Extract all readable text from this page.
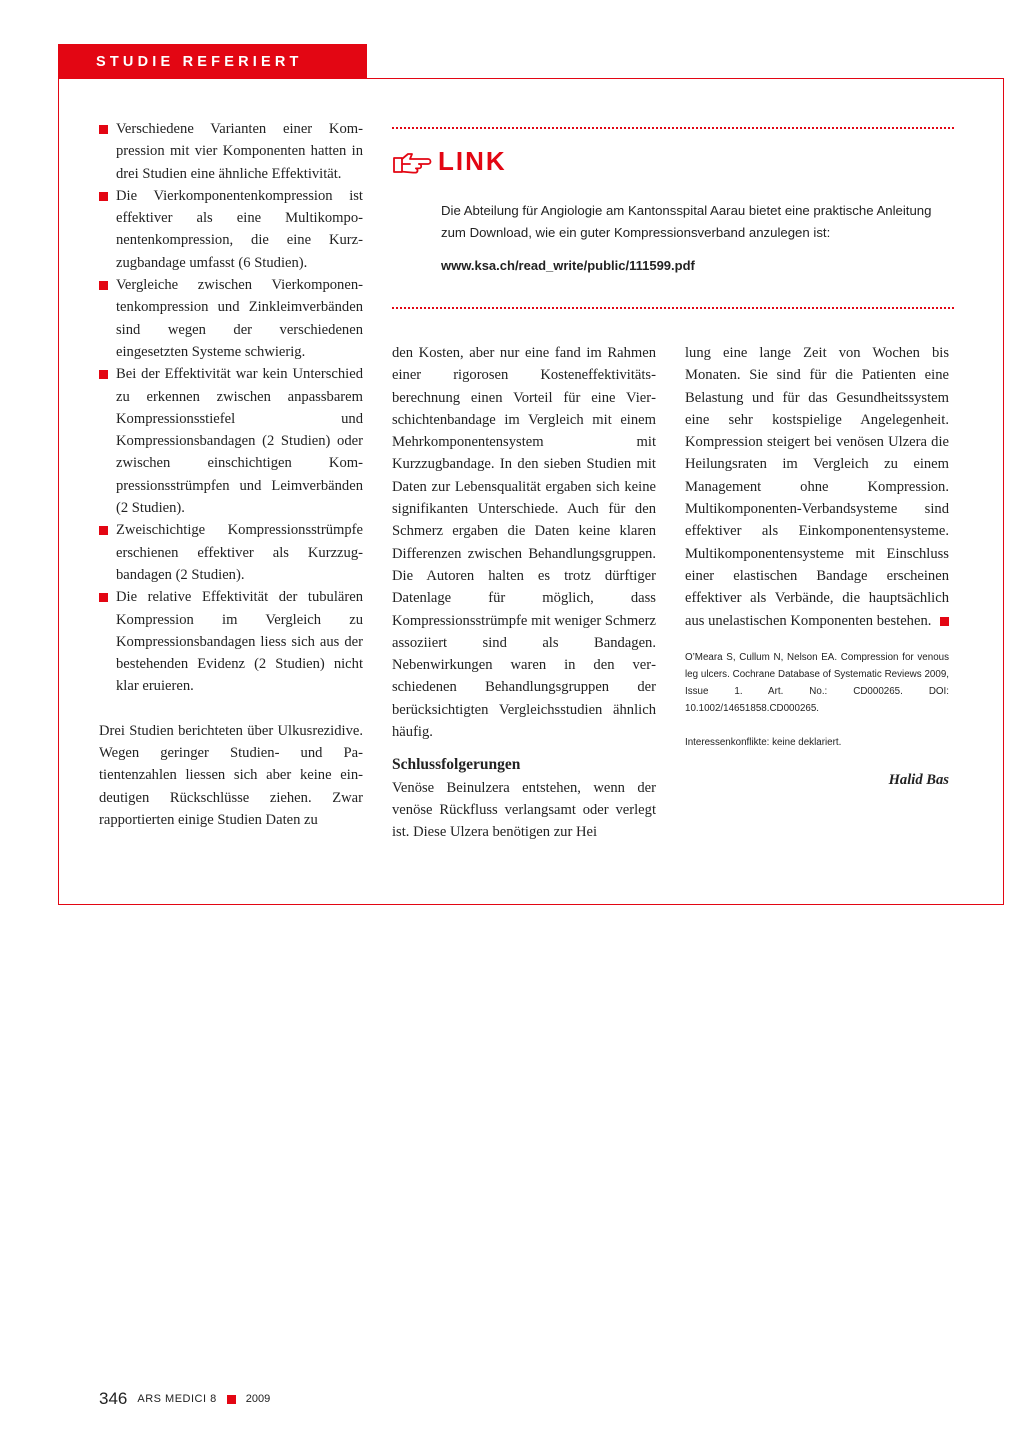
STUDIE REFERIERT
Verschiedene Varianten einer Kompression mit vier Komponenten hatten in drei Studien eine ähnliche Effektivität.
Die Vierkomponentenkompression ist effektiver als eine Multikomponentenkompression, die eine Kurzzugbandage umfasst (6 Studien).
Vergleiche zwischen Vierkomponentenkompression und Zinkleimverbänden sind wegen der verschiedenen eingesetzten Systeme schwierig.
Bei der Effektivität war kein Unterschied zu erkennen zwischen anpassbarem Kompressionsstiefel und Kompressionsbandagen (2 Studien) oder zwischen einschichtigen Kompressionsstrümpfen und Leimverbänden (2 Studien).
Zweischichtige Kompressionsstrümpfe erschienen effektiver als Kurzzugbandagen (2 Studien).
Die relative Effektivität der tubulären Kompression im Vergleich zu Kompressionsbandagen liess sich aus der bestehenden Evidenz (2 Studien) nicht klar eruieren.

Drei Studien berichteten über Ulkusrezidive. Wegen geringer Studien- und Patientenzahlen liessen sich aber keine eindeutigen Rückschlüsse ziehen. Zwar rapportierten einige Studien Daten zu

LINK
Die Abteilung für Angiologie am Kantonsspital Aarau bietet eine praktische Anleitung zum Download, wie ein guter Kompressionsverband anzulegen ist:
www.ksa.ch/read_write/public/111599.pdf

den Kosten, aber nur eine fand im Rahmen einer rigorosen Kosteneffektivitätsberechnung einen Vorteil für eine Vierschichtenbandage im Vergleich mit einem Mehrkomponentensystem mit Kurzzugbandage. In den sieben Studien mit Daten zur Lebensqualität ergaben sich keine signifikanten Unterschiede. Auch für den Schmerz ergaben die Daten keine klaren Differenzen zwischen Behandlungsgruppen. Die Autoren halten es trotz dürftiger Datenlage für möglich, dass Kompressionsstrümpfe mit weniger Schmerz assoziiert sind als Bandagen. Nebenwirkungen waren in den verschiedenen Behandlungsgruppen der berücksichtigten Vergleichsstudien ähnlich häufig.

Schlussfolgerungen

Venöse Beinulzera entstehen, wenn der venöse Rückfluss verlangsamt oder verlegt ist. Diese Ulzera benötigen zur Hei

lung eine lange Zeit von Wochen bis Monaten. Sie sind für die Patienten eine Belastung und für das Gesundheitssystem eine sehr kostspielige Angelegenheit. Kompression steigert bei venösen Ulzera die Heilungsraten im Vergleich zu einem Management ohne Kompression. Multikomponenten-Verbandsysteme sind effektiver als Einkomponentensysteme. Multikomponentensysteme mit Einschluss einer elastischen Bandage erscheinen effektiver als Verbände, die hauptsächlich aus unelastischen Komponenten bestehen.

O’Meara S, Cullum N, Nelson EA. Compression for venous leg ulcers. Cochrane Database of Systematic Reviews 2009, Issue 1. Art. No.: CD000265. DOI: 10.1002/14651858.CD000265.
Interessenkonflikte: keine deklariert.
Halid Bas
346 ARS MEDICI 8	2009
